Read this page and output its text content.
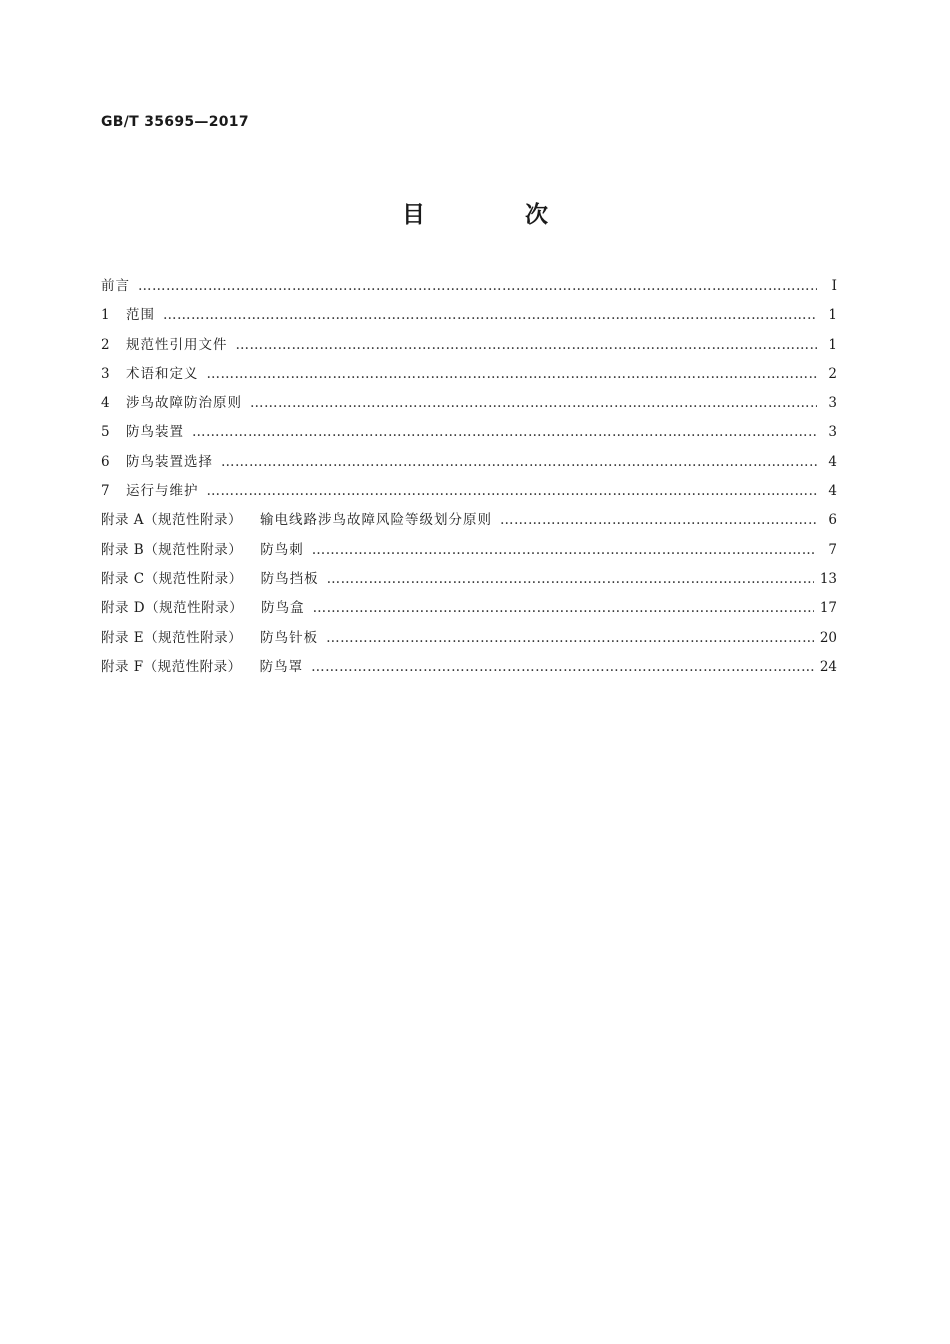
GB/T 35695—2017
目 次
前言 ………………………………………………………………………………………………………………………………………………………………………………………………	Ⅰ
1	范围 ………………………………………………………………………………………………………………………………………………………………………………………………	1
2	规范性引用文件 ………………………………………………………………………………………………………………………………………………………………………………………………	1
3	术语和定义 ………………………………………………………………………………………………………………………………………………………………………………………………	2
4	涉鸟故障防治原则 ………………………………………………………………………………………………………………………………………………………………………………………………	3
5	防鸟装置 ………………………………………………………………………………………………………………………………………………………………………………………………	3
6	防鸟装置选择 ………………………………………………………………………………………………………………………………………………………………………………………………	4
7	运行与维护 ………………………………………………………………………………………………………………………………………………………………………………………………	4
附录 A（规范性附录） 输电线路涉鸟故障风险等级划分原则 ………………………………………………………………………………………………………………………………………………………………………………………………	6
附录 B（规范性附录） 防鸟刺 ………………………………………………………………………………………………………………………………………………………………………………………………	7
附录 C（规范性附录） 防鸟挡板 ………………………………………………………………………………………………………………………………………………………………………………………………	13
附录 D（规范性附录） 防鸟盒 ………………………………………………………………………………………………………………………………………………………………………………………………	17
附录 E（规范性附录） 防鸟针板 ………………………………………………………………………………………………………………………………………………………………………………………………	20
附录 F（规范性附录） 防鸟罩 ………………………………………………………………………………………………………………………………………………………………………………………………	24
